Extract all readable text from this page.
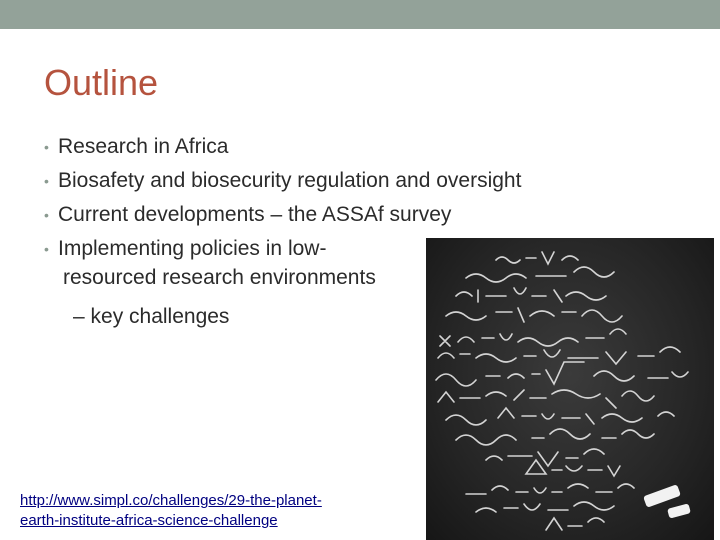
Outline
• Research in Africa
• Biosafety and biosecurity regulation and oversight
• Current developments – the ASSAf survey
• Implementing policies in low-
resourced research environments
– key challenges
http://www.simpl.co/challenges/29-the-planet-
earth-institute-africa-science-challenge
